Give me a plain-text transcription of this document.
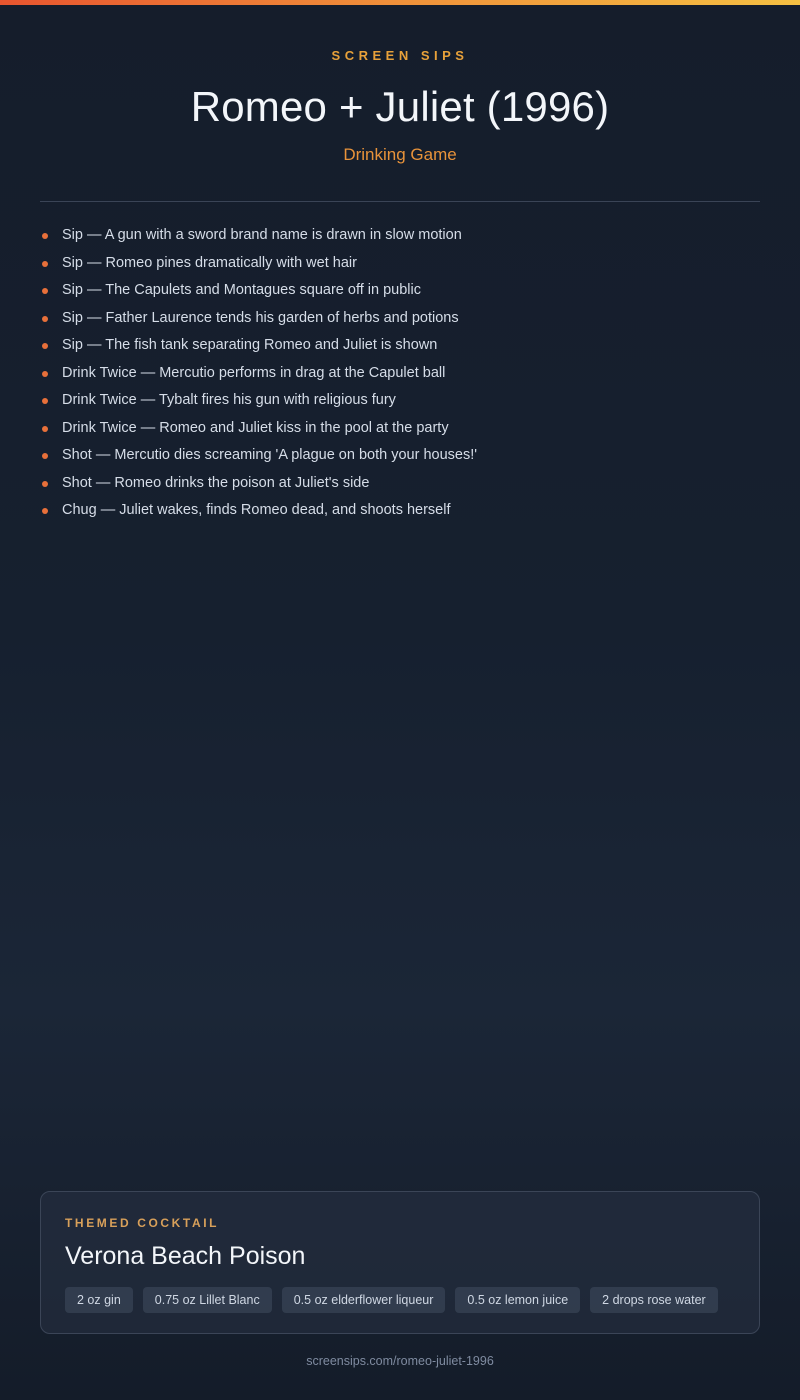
SCREEN SIPS
Romeo + Juliet (1996)
Drinking Game
Sip — A gun with a sword brand name is drawn in slow motion
Sip — Romeo pines dramatically with wet hair
Sip — The Capulets and Montagues square off in public
Sip — Father Laurence tends his garden of herbs and potions
Sip — The fish tank separating Romeo and Juliet is shown
Drink Twice — Mercutio performs in drag at the Capulet ball
Drink Twice — Tybalt fires his gun with religious fury
Drink Twice — Romeo and Juliet kiss in the pool at the party
Shot — Mercutio dies screaming 'A plague on both your houses!'
Shot — Romeo drinks the poison at Juliet's side
Chug — Juliet wakes, finds Romeo dead, and shoots herself
THEMED COCKTAIL
Verona Beach Poison
2 oz gin	0.75 oz Lillet Blanc	0.5 oz elderflower liqueur	0.5 oz lemon juice	2 drops rose water
screensips.com/romeo-juliet-1996
